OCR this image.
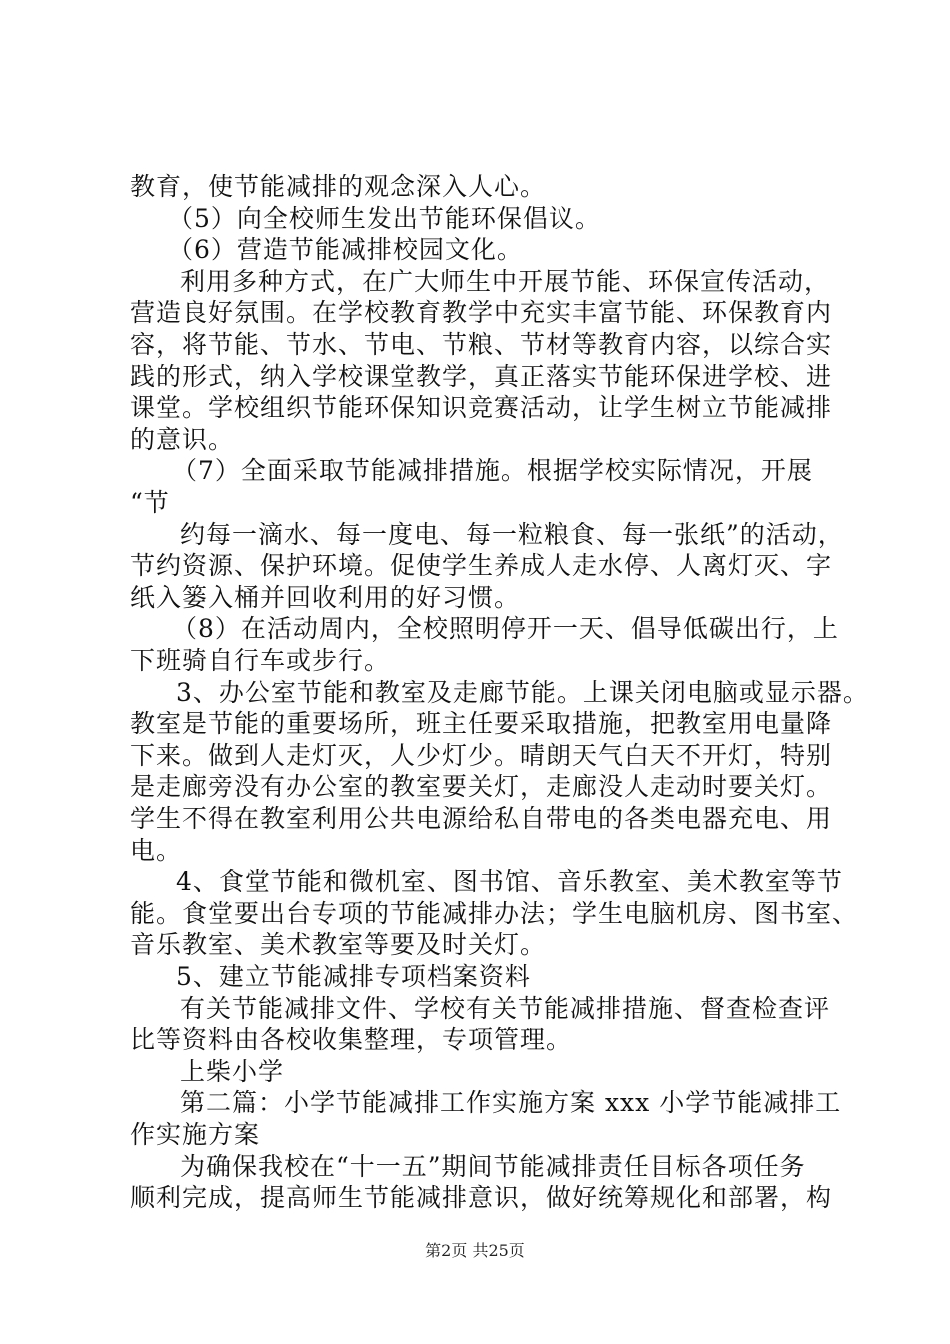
教育，使节能减排的观念深入人心。
（5）向全校师生发出节能环保倡议。
（6）营造节能减排校园文化。
利用多种方式，在广大师生中开展节能、环保宣传活动，
营造良好氛围。在学校教育教学中充实丰富节能、环保教育内
容，将节能、节水、节电、节粮、节材等教育内容，以综合实
践的形式，纳入学校课堂教学，真正落实节能环保进学校、进
课堂。学校组织节能环保知识竞赛活动，让学生树立节能减排
的意识。
（7）全面采取节能减排措施。根据学校实际情况，开展
“节
约每一滴水、每一度电、每一粒粮食、每一张纸”的活动，
节约资源、保护环境。促使学生养成人走水停、人离灯灭、字
纸入篓入桶并回收利用的好习惯。
（8）在活动周内，全校照明停开一天、倡导低碳出行，上
下班骑自行车或步行。
3、办公室节能和教室及走廊节能。上课关闭电脑或显示器。
教室是节能的重要场所，班主任要采取措施，把教室用电量降
下来。做到人走灯灭，人少灯少。晴朗天气白天不开灯，特别
是走廊旁没有办公室的教室要关灯，走廊没人走动时要关灯。
学生不得在教室利用公共电源给私自带电的各类电器充电、用
电。
4、食堂节能和微机室、图书馆、音乐教室、美术教室等节
能。食堂要出台专项的节能减排办法；学生电脑机房、图书室、
音乐教室、美术教室等要及时关灯。
5、建立节能减排专项档案资料
有关节能减排文件、学校有关节能减排措施、督查检查评
比等资料由各校收集整理，专项管理。
上柴小学
第二篇：小学节能减排工作实施方案 xxx 小学节能减排工
作实施方案
为确保我校在“十一五”期间节能减排责任目标各项任务
顺利完成，提高师生节能减排意识，做好统筹规化和部署，构
第2页 共25页
